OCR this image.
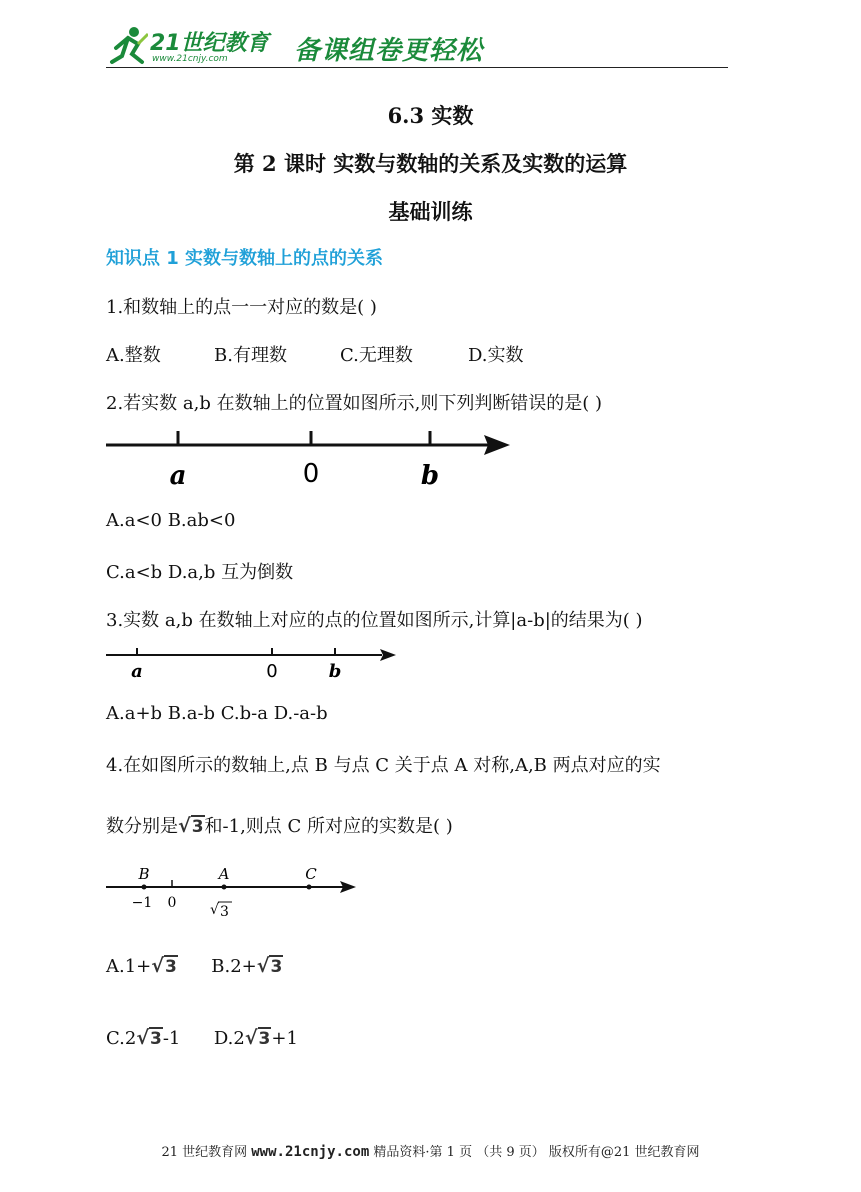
21世纪教育
www.21cnjy.com	备课组卷更轻松
6.3 实数
第 2 课时 实数与数轴的关系及实数的运算
基础训练
知识点 1 实数与数轴上的点的关系
1.和数轴上的点一一对应的数是( )
A.整数	B.有理数	C.无理数	D.实数
2.若实数 a,b 在数轴上的位置如图所示,则下列判断错误的是( )
a	0	b
A.a<0 B.ab<0
C.a<b D.a,b 互为倒数
3.实数 a,b 在数轴上对应的点的位置如图所示,计算|a-b|的结果为( )
a	0	b
A.a+b B.a-b C.b-a D.-a-b
4.在如图所示的数轴上,点 B 与点 C 关于点 A 对称,A,B 两点对应的实
数分别是√3和-1,则点 C 所对应的实数是( )
B	A	C
−1 0 √ 3
A.1+√3 B.2+√3
C.2√3-1 D.2√3+1
21 世纪教育网 www.21cnjy.com 精品资料·第 1 页 （共 9 页） 版权所有@21 世纪教育网
